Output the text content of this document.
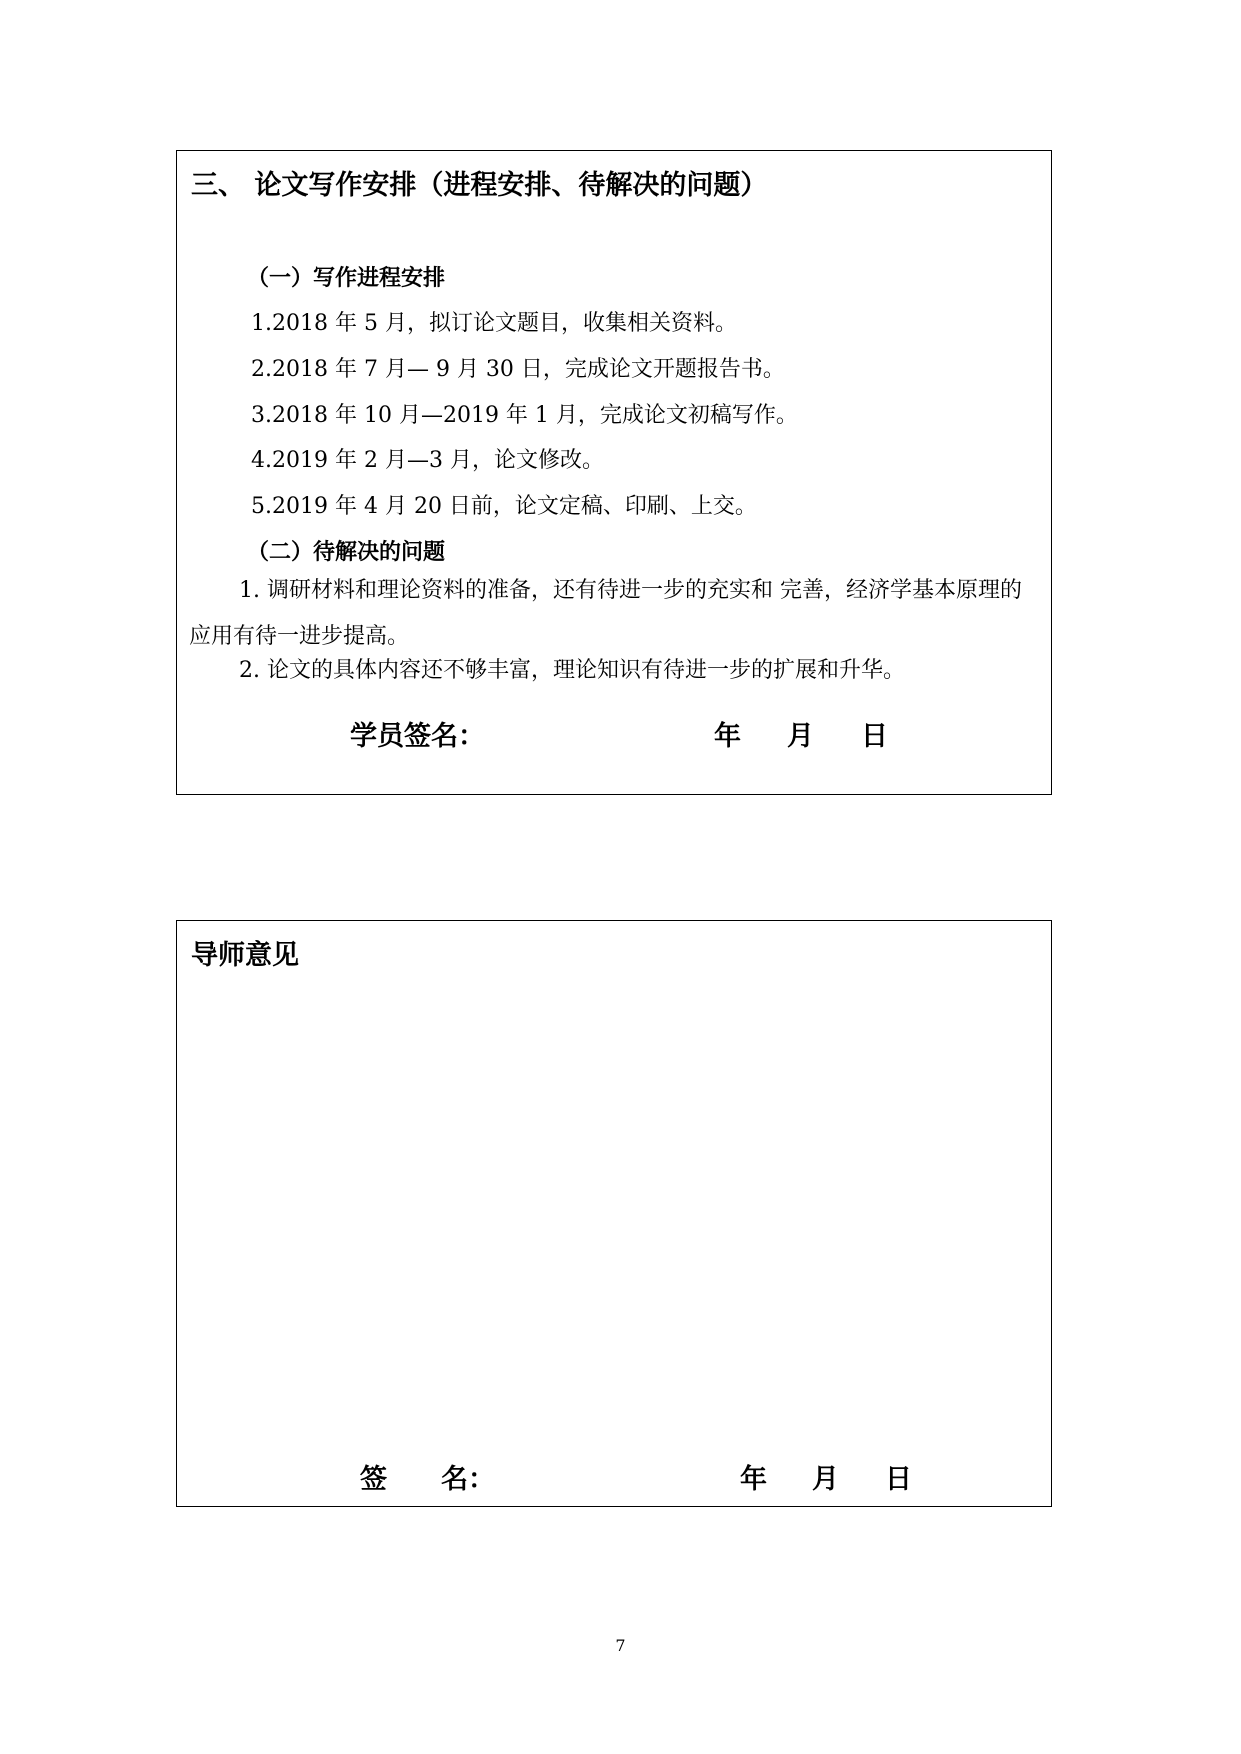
三、 论文写作安排（进程安排、待解决的问题）
（一）写作进程安排
1.2018 年 5 月，拟订论文题目，收集相关资料。
2.2018 年 7 月— 9 月 30 日，完成论文开题报告书。
3.2018 年 10 月—2019 年 1 月，完成论文初稿写作。
4.2019 年 2 月—3 月，论文修改。
5.2019 年 4 月 20 日前，论文定稿、印刷、上交。
（二）待解决的问题
1. 调研材料和理论资料的准备，还有待进一步的充实和 完善，经济学基本原理的应用有待一进步提高。
2. 论文的具体内容还不够丰富，理论知识有待进一步的扩展和升华。
学员签名：	年 月 日
导师意见
签　　名：	年 月 日
7
